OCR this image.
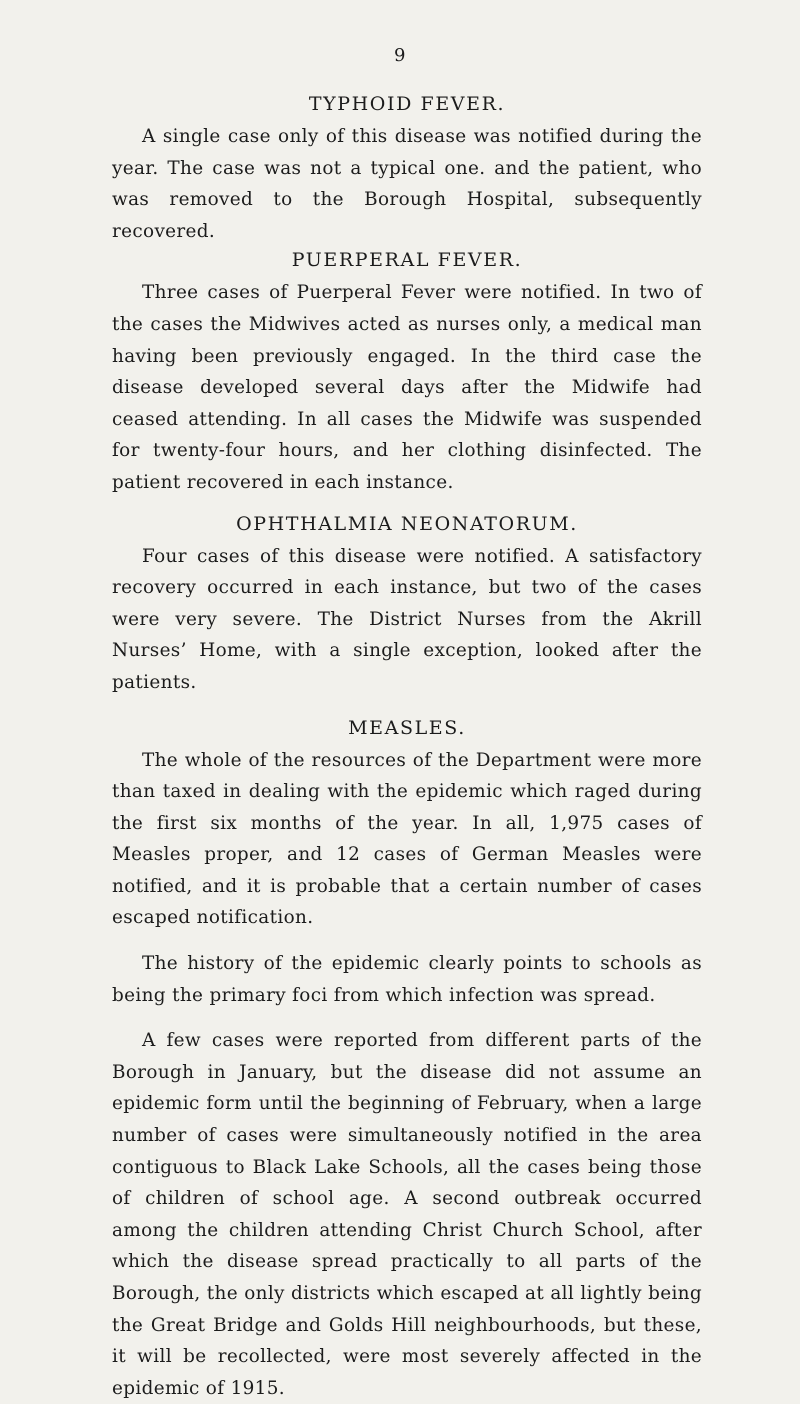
9
TYPHOID FEVER.

A single case only of this disease was notified during the year. The case was not a typical one. and the patient, who was removed to the Borough Hospital, subsequently recovered.

PUERPERAL FEVER.

Three cases of Puerperal Fever were notified. In two of the cases the Midwives acted as nurses only, a medical man having been previously engaged. In the third case the disease developed several days after the Midwife had ceased attending. In all cases the Midwife was suspended for twenty-four hours, and her clothing disinfected. The patient recovered in each instance.

OPHTHALMIA NEONATORUM.

Four cases of this disease were notified. A satisfactory recovery occurred in each instance, but two of the cases were very severe. The District Nurses from the Akrill Nurses’ Home, with a single exception, looked after the patients.

MEASLES.

The whole of the resources of the Department were more than taxed in dealing with the epidemic which raged during the first six months of the year. In all, 1,975 cases of Measles proper, and 12 cases of German Measles were notified, and it is probable that a certain number of cases escaped notification.

The history of the epidemic clearly points to schools as being the primary foci from which infection was spread.

A few cases were reported from different parts of the Borough in January, but the disease did not assume an epidemic form until the beginning of February, when a large number of cases were simultaneously notified in the area contiguous to Black Lake Schools, all the cases being those of children of school age. A second outbreak occurred among the children attending Christ Church School, after which the disease spread practically to all parts of the Borough, the only districts which escaped at all lightly being the Great Bridge and Golds Hill neighbourhoods, but these, it will be recollected, were most severely affected in the epidemic of 1915.
